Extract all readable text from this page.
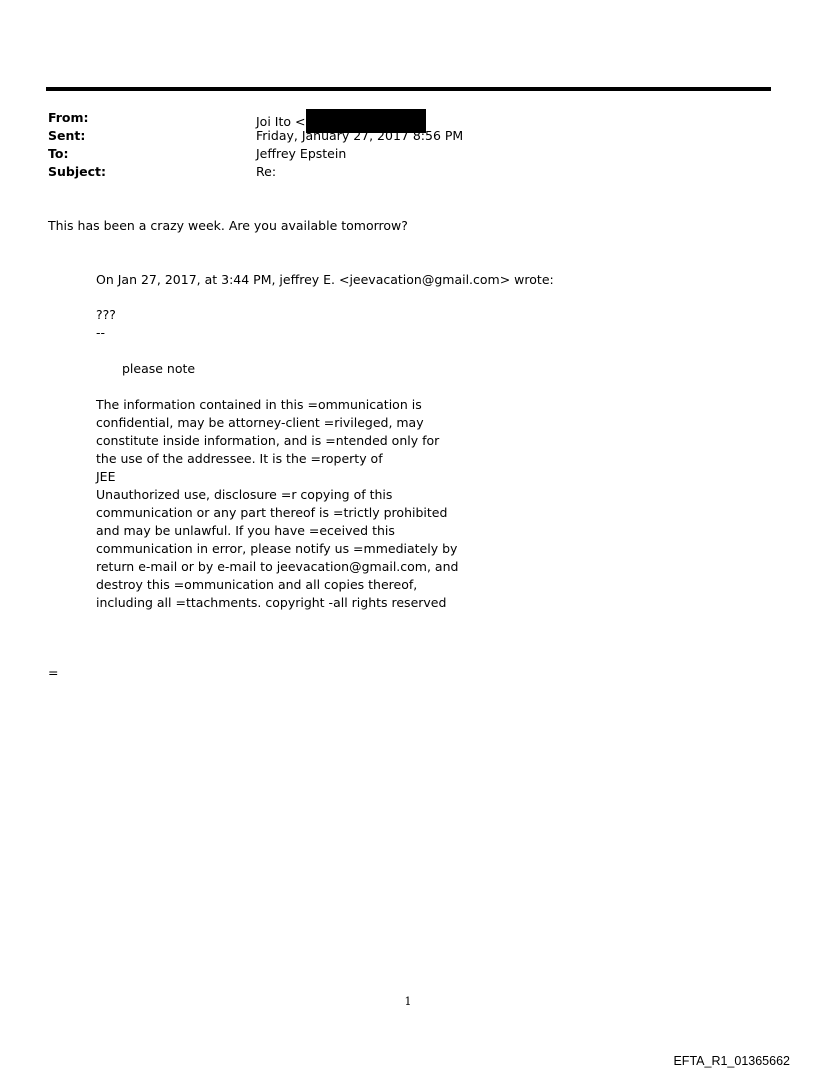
From:	Joi Ito <
Sent:	Friday, January 27, 2017 8:56 PM
To:	Jeffrey Epstein
Subject:	Re:
This has been a crazy week. Are you available tomorrow?
On Jan 27, 2017, at 3:44 PM, jeffrey E. <jeevacation@gmail.com> wrote:
???
--
please note
The information contained in this =ommunication is
confidential, may be attorney-client =rivileged, may
constitute inside information, and is =ntended only for
the use of the addressee. It is the =roperty of
JEE
Unauthorized use, disclosure =r copying of this
communication or any part thereof is =trictly prohibited
and may be unlawful. If you have =eceived this
communication in error, please notify us =mmediately by
return e-mail or by e-mail to jeevacation@gmail.com, and
destroy this =ommunication and all copies thereof,
including all =ttachments. copyright -all rights reserved
=
1
EFTA_R1_01365662
